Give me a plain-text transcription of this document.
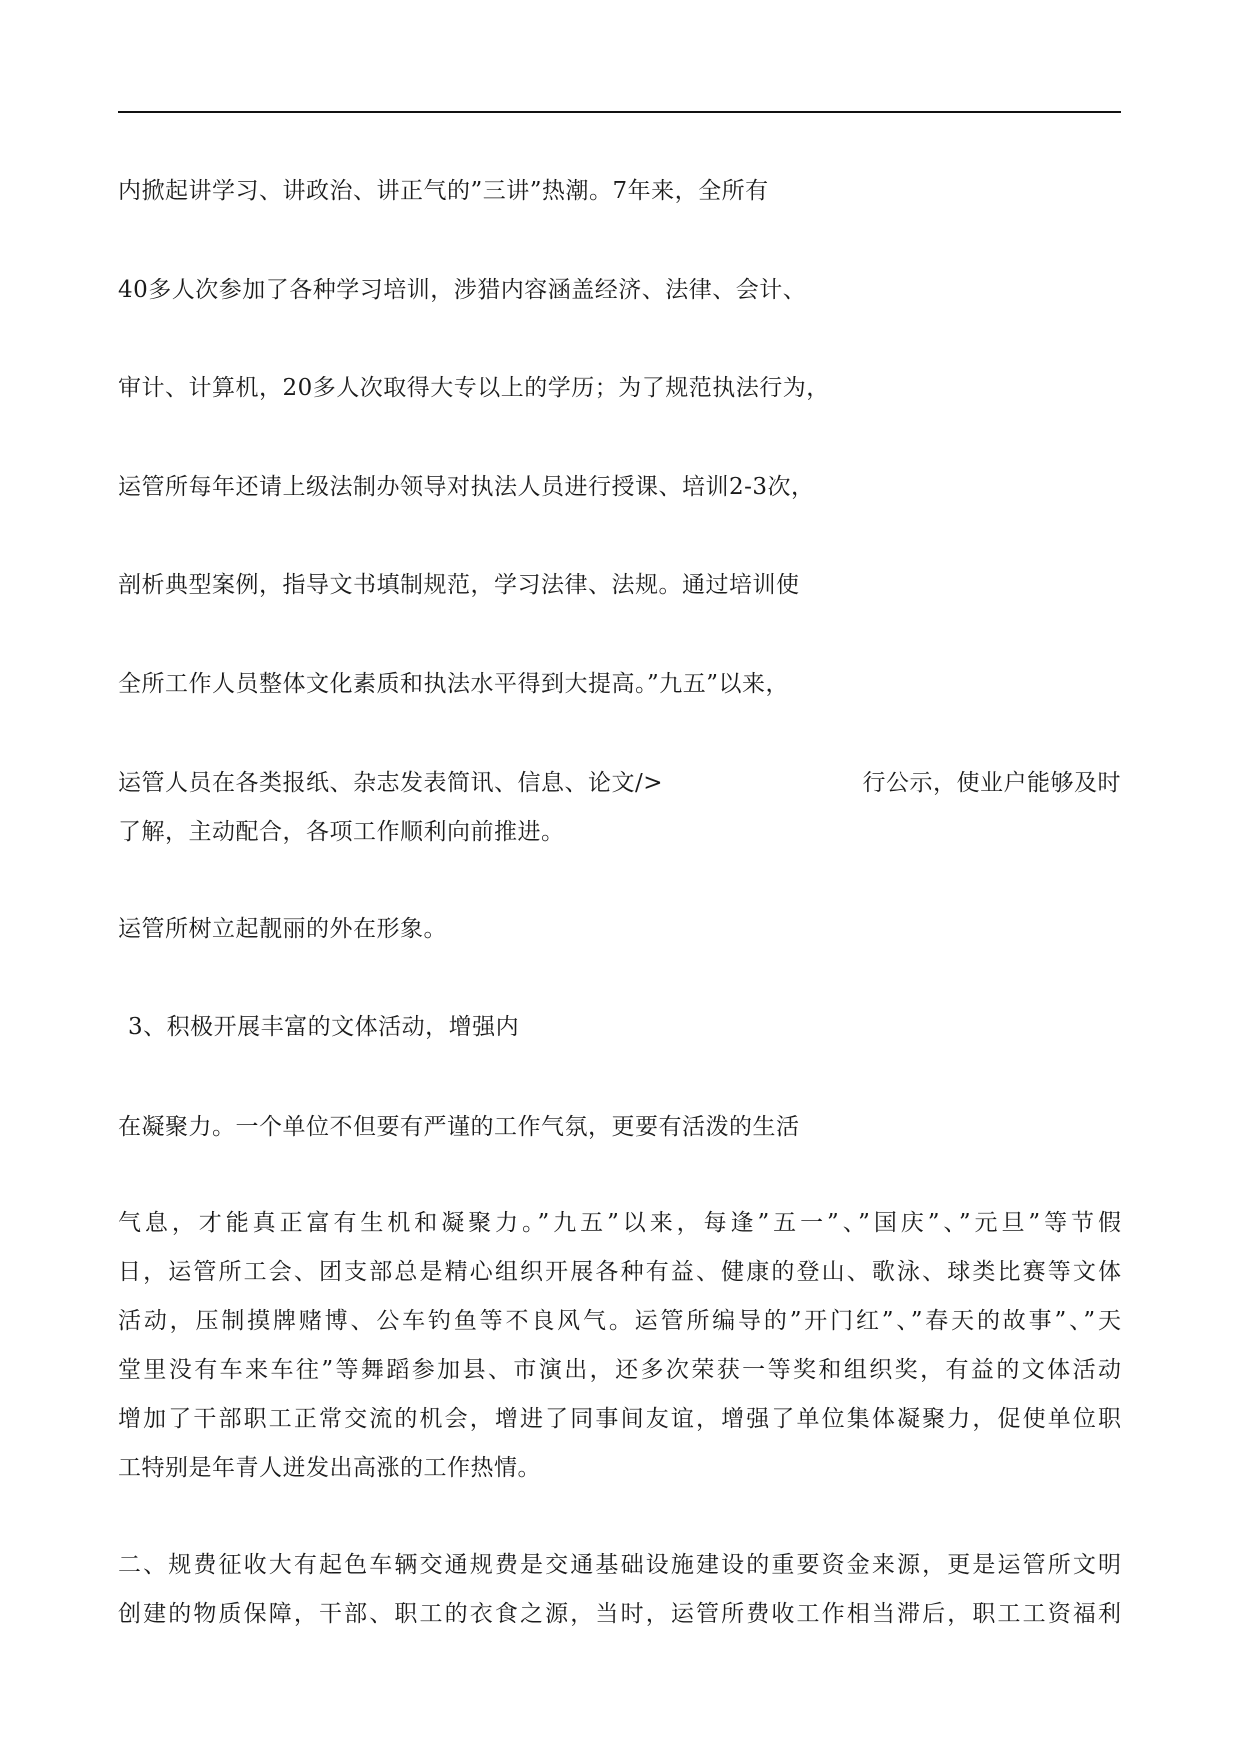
内掀起讲学习、讲政治、讲正气的”三讲”热潮。7年来，全所有
40多人次参加了各种学习培训，涉猎内容涵盖经济、法律、会计、
审计、计算机，20多人次取得大专以上的学历；为了规范执法行为，
运管所每年还请上级法制办领导对执法人员进行授课、培训2-3次，
剖析典型案例，指导文书填制规范，学习法律、法规。通过培训使
全所工作人员整体文化素质和执法水平得到大提高。”九五”以来，
运管人员在各类报纸、杂志发表简讯、信息、论文/>	行公示，使业户能够及时
了解，主动配合，各项工作顺利向前推进。
运管所树立起靓丽的外在形象。
3、积极开展丰富的文体活动，增强内
在凝聚力。一个单位不但要有严谨的工作气氛，更要有活泼的生活
气息，才能真正富有生机和凝聚力。”九五”以来，每逢”五一”、”国庆”、”元旦”等节假
日，运管所工会、团支部总是精心组织开展各种有益、健康的登山、歌泳、球类比赛等文体
活动，压制摸牌赌博、公车钓鱼等不良风气。运管所编导的”开门红”、”春天的故事”、”天
堂里没有车来车往”等舞蹈参加县、市演出，还多次荣获一等奖和组织奖，有益的文体活动
增加了干部职工正常交流的机会，增进了同事间友谊，增强了单位集体凝聚力，促使单位职
工特别是年青人迸发出高涨的工作热情。
二、规费征收大有起色车辆交通规费是交通基础设施建设的重要资金来源，更是运管所文明
创建的物质保障，干部、职工的衣食之源，当时，运管所费收工作相当滞后，职工工资福利
